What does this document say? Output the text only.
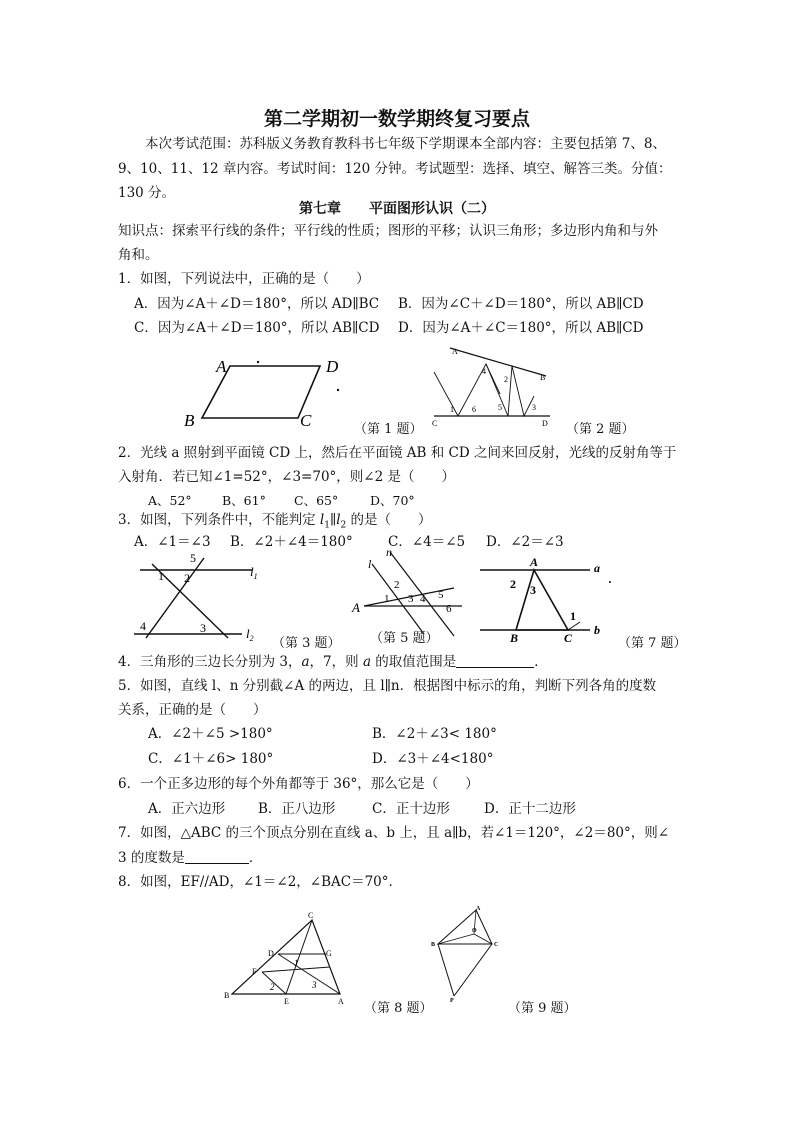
第二学期初一数学期终复习要点
本次考试范围：苏科版义务教育教科书七年级下学期课本全部内容：主要包括第 7、8、
9、10、11、12 章内容。考试时间：120 分钟。考试题型：选择、填空、解答三类。分值：
130 分。
第七章 平面图形认识（二）
知识点：探索平行线的条件；平行线的性质；图形的平移；认识三角形；多边形内角和与外
角和。
1．如图，下列说法中，正确的是（　　）
A．因为∠A＋∠D＝180°，所以 AD∥BC B．因为∠C＋∠D＝180°，所以 AB∥CD
C．因为∠A＋∠D＝180°，所以 AB∥CD D．因为∠A＋∠C＝180°，所以 AB∥CD
A	D
B	C	（第 1 题）
A
B
C	D
1 6
4
2
5	3
（第 2 题）
2．光线 a 照射到平面镜 CD 上，然后在平面镜 AB 和 CD 之间来回反射，光线的反射角等于
入射角．若已知∠1=52°，∠3=70°，则∠2 是（　　）
A、52° B、61° C、65°	D、70°
3．如图，下列条件中，不能判定 $l_1\parallel l_2$ 的是（　　）
A．∠1＝∠3 B．∠2＋∠4＝180°	C．∠4＝∠5 D．∠2＝∠3
5
1 2
4	3
$l_1$
$l_2$ （第 3 题）
n
l
A
2
1 3 4 5
6
（第 5 题）
A	a
B	C
b
2 3
1
（第 7 题）
4．三角形的三边长分别为 3，a，7，则 a 的取值范围是	．
5．如图，直线 l、n 分别截∠A 的两边，且 l∥n．根据图中标示的角，判断下列各角的度数
关系，正确的是（　　）
A．∠2＋∠5 >180°	B．∠2＋∠3< 180°
C．∠1＋∠6> 180°	D．∠3＋∠4<180°
6．一个正多边形的每个外角都等于 36°，那么它是（　　）
A．正六边形 B．正八边形	C．正十边形	D．正十二边形
7．如图，△ABC 的三个顶点分别在直线 a、b 上，且 a∥b，若∠1＝120°，∠2＝80°，则∠
3 的度数是	．
8．如图，EF//AD，∠1＝∠2，∠BAC＝70°．
C
D	G
F
B
E	A
1
2	3
（第 8 题）
A
O
B	C
P	（第 9 题）
